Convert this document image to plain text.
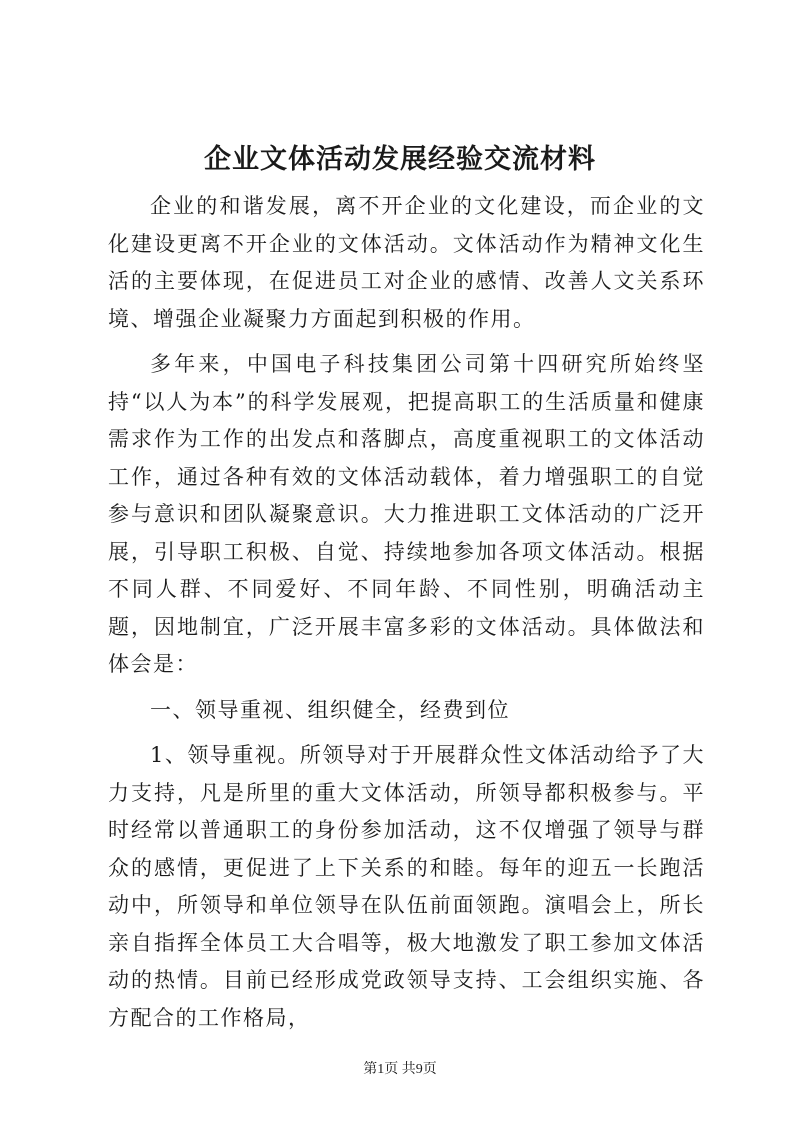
企业文体活动发展经验交流材料

企业的和谐发展，离不开企业的文化建设，而企业的文化建设更离不开企业的文体活动。文体活动作为精神文化生活的主要体现，在促进员工对企业的感情、改善人文关系环境、增强企业凝聚力方面起到积极的作用。

多年来，中国电子科技集团公司第十四研究所始终坚持“以人为本”的科学发展观，把提高职工的生活质量和健康需求作为工作的出发点和落脚点，高度重视职工的文体活动工作，通过各种有效的文体活动载体，着力增强职工的自觉参与意识和团队凝聚意识。大力推进职工文体活动的广泛开展，引导职工积极、自觉、持续地参加各项文体活动。根据不同人群、不同爱好、不同年龄、不同性别，明确活动主题，因地制宜，广泛开展丰富多彩的文体活动。具体做法和体会是：

一、领导重视、组织健全，经费到位

1、领导重视。所领导对于开展群众性文体活动给予了大力支持，凡是所里的重大文体活动，所领导都积极参与。平时经常以普通职工的身份参加活动，这不仅增强了领导与群众的感情，更促进了上下关系的和睦。每年的迎五一长跑活动中，所领导和单位领导在队伍前面领跑。演唱会上，所长亲自指挥全体员工大合唱等，极大地激发了职工参加文体活动的热情。目前已经形成党政领导支持、工会组织实施、各方配合的工作格局，

第1页 共9页
